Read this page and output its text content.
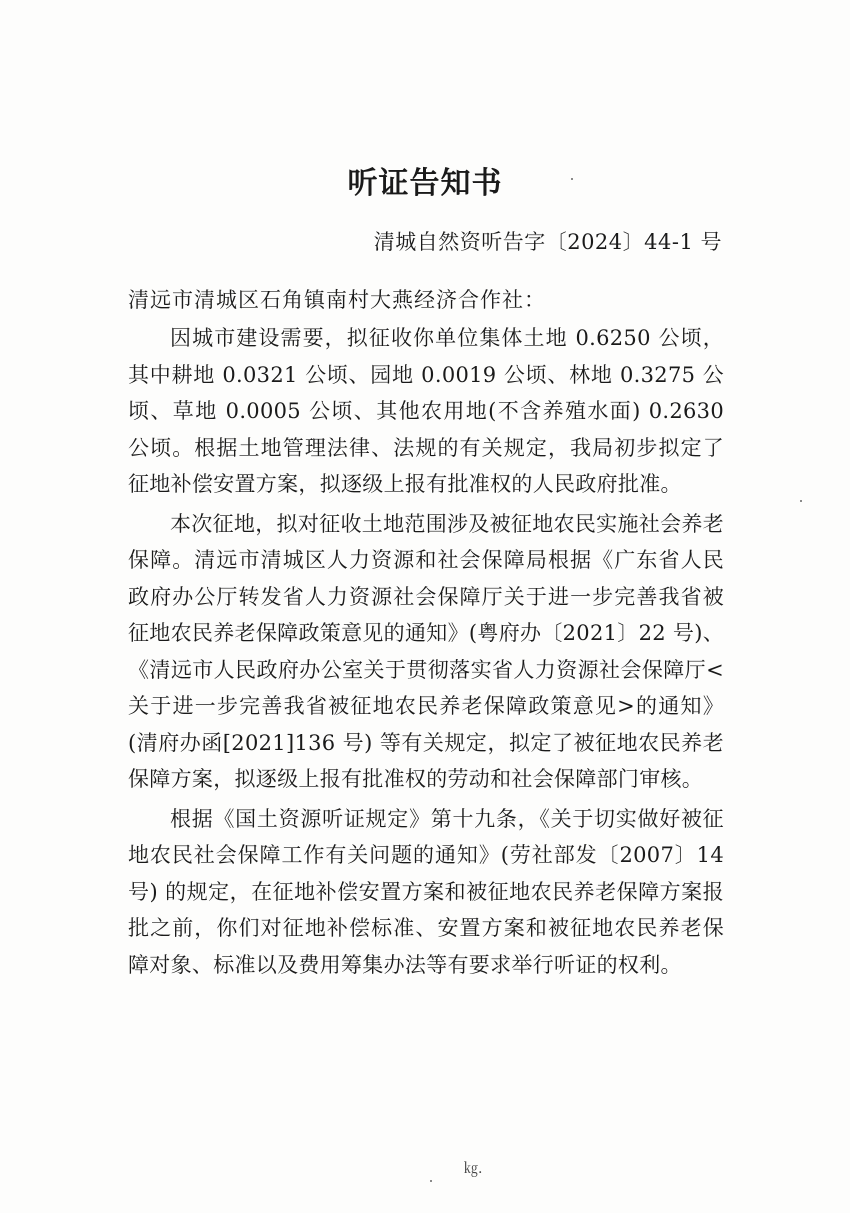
听证告知书
清城自然资听告字〔2024〕44-1 号
清远市清城区石角镇南村大燕经济合作社：

因城市建设需要，拟征收你单位集体土地 0.6250 公顷，其中耕地 0.0321 公顷、园地 0.0019 公顷、林地 0.3275 公顷、草地 0.0005 公顷、其他农用地(不含养殖水面) 0.2630 公顷。根据土地管理法律、法规的有关规定，我局初步拟定了征地补偿安置方案，拟逐级上报有批准权的人民政府批准。

本次征地，拟对征收土地范围涉及被征地农民实施社会养老保障。清远市清城区人力资源和社会保障局根据《广东省人民政府办公厅转发省人力资源社会保障厅关于进一步完善我省被征地农民养老保障政策意见的通知》(粤府办〔2021〕22 号)、《清远市人民政府办公室关于贯彻落实省人力资源社会保障厅<关于进一步完善我省被征地农民养老保障政策意见>的通知》(清府办函[2021]136 号) 等有关规定，拟定了被征地农民养老保障方案，拟逐级上报有批准权的劳动和社会保障部门审核。

根据《国土资源听证规定》第十九条，《关于切实做好被征地农民社会保障工作有关问题的通知》(劳社部发〔2007〕14 号) 的规定，在征地补偿安置方案和被征地农民养老保障方案报批之前，你们对征地补偿标准、安置方案和被征地农民养老保障对象、标准以及费用筹集办法等有要求举行听证的权利。

㎏.
